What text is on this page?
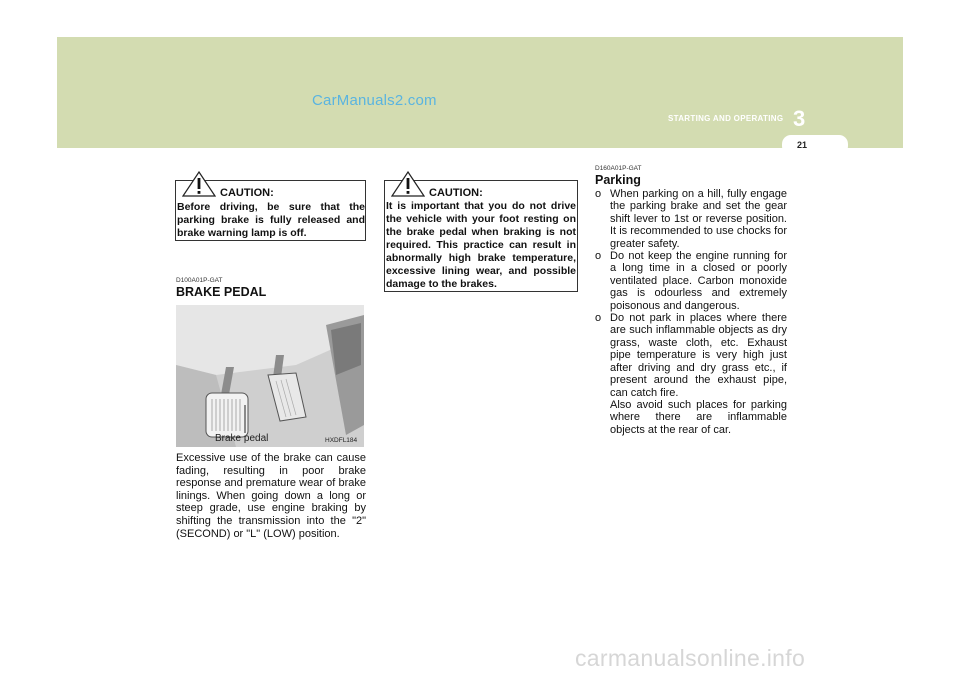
CarManuals2.com
STARTING AND OPERATING 3
21
CAUTION:
Before driving, be sure that the parking brake is fully released and brake warning lamp is off.
D100A01P-GAT
BRAKE PEDAL
Brake pedal	HXDFL184
Excessive use of the brake can cause fading, resulting in poor brake response and premature wear of brake linings. When going down a long or steep grade, use engine braking by shifting the transmission into the "2" (SECOND) or "L" (LOW) position.
CAUTION:
It is important that you do not drive the vehicle with your foot resting on the brake pedal when braking is not required. This practice can result in abnormally high brake temperature, excessive lining wear, and possible damage to the brakes.
D160A01P-GAT
Parking
o When parking on a hill, fully engage the parking brake and set the gear shift lever to 1st or reverse position. It is recommended to use chocks for greater safety.
o Do not keep the engine running for a long time in a closed or poorly ventilated place. Carbon monoxide gas is odourless and extremely poisonous and dangerous.
o Do not park in places where there are such inflammable objects as dry grass, waste cloth, etc. Exhaust pipe temperature is very high just after driving and dry grass etc., if present around the exhaust pipe, can catch fire.
Also avoid such places for parking where there are inflammable objects at the rear of car.
carmanualsonline.info
